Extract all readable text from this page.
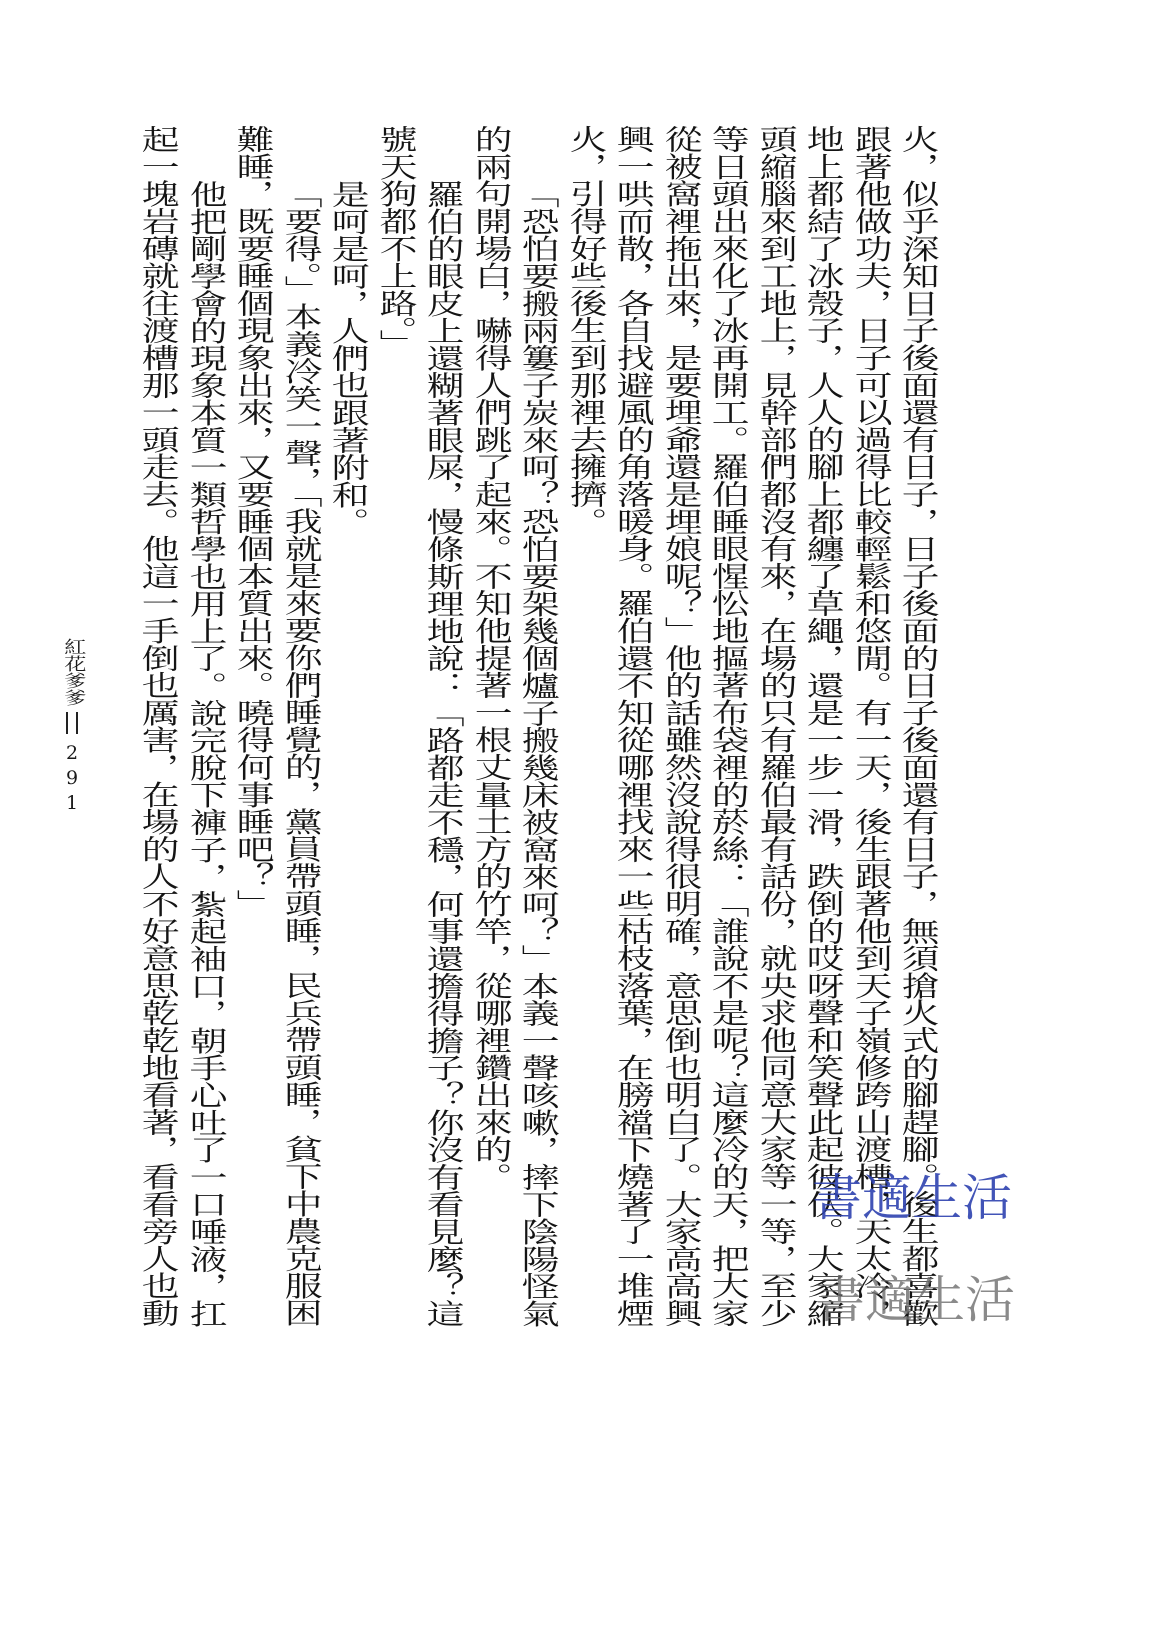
火，似乎深知日子後面還有日子，日子後面的日子後面還有日子，無須搶火式的腳趕腳。後生都喜歡
跟著他做功夫，日子可以過得比較輕鬆和悠閒。有一天，後生跟著他到天子嶺修跨山渡槽，天太冷，
地上都結了冰殼子，人人的腳上都纏了草繩，還是一步一滑，跌倒的哎呀聲和笑聲此起彼伏。大家縮
頭縮腦來到工地上，見幹部們都沒有來，在場的只有羅伯最有話份，就央求他同意大家等一等，至少
等日頭出來化了冰再開工。羅伯睡眼惺忪地摳著布袋裡的菸絲：「誰說不是呢？這麼冷的天，把大家
從被窩裡拖出來，是要埋爺還是埋娘呢？」他的話雖然沒說得很明確，意思倒也明白了。大家高高興
興一哄而散，各自找避風的角落暖身。羅伯還不知從哪裡找來一些枯枝落葉，在膀襠下燒著了一堆煙
火，引得好些後生到那裡去擁擠。
「恐怕要搬兩簍子炭來呵？恐怕要架幾個爐子搬幾床被窩來呵？」本義一聲咳嗽，摔下陰陽怪氣
的兩句開場白，嚇得人們跳了起來。不知他提著一根丈量土方的竹竿，從哪裡鑽出來的。
羅伯的眼皮上還糊著眼屎，慢條斯理地說：「路都走不穩，何事還擔得擔子？你沒有看見麼？這
號天狗都不上路。」
是呵是呵，人們也跟著附和。
「要得。」本義冷笑一聲，「我就是來要你們睡覺的，黨員帶頭睡，民兵帶頭睡，貧下中農克服困
難睡，既要睡個現象出來，又要睡個本質出來。曉得何事睡吧？」
他把剛學會的現象本質一類哲學也用上了。說完脫下褲子，紮起袖口，朝手心吐了一口唾液，扛
起一塊岩磚就往渡槽那一頭走去。他這一手倒也厲害，在場的人不好意思乾乾地看著，看看旁人也動
紅花爹爹
291
書適生活
書適生活
